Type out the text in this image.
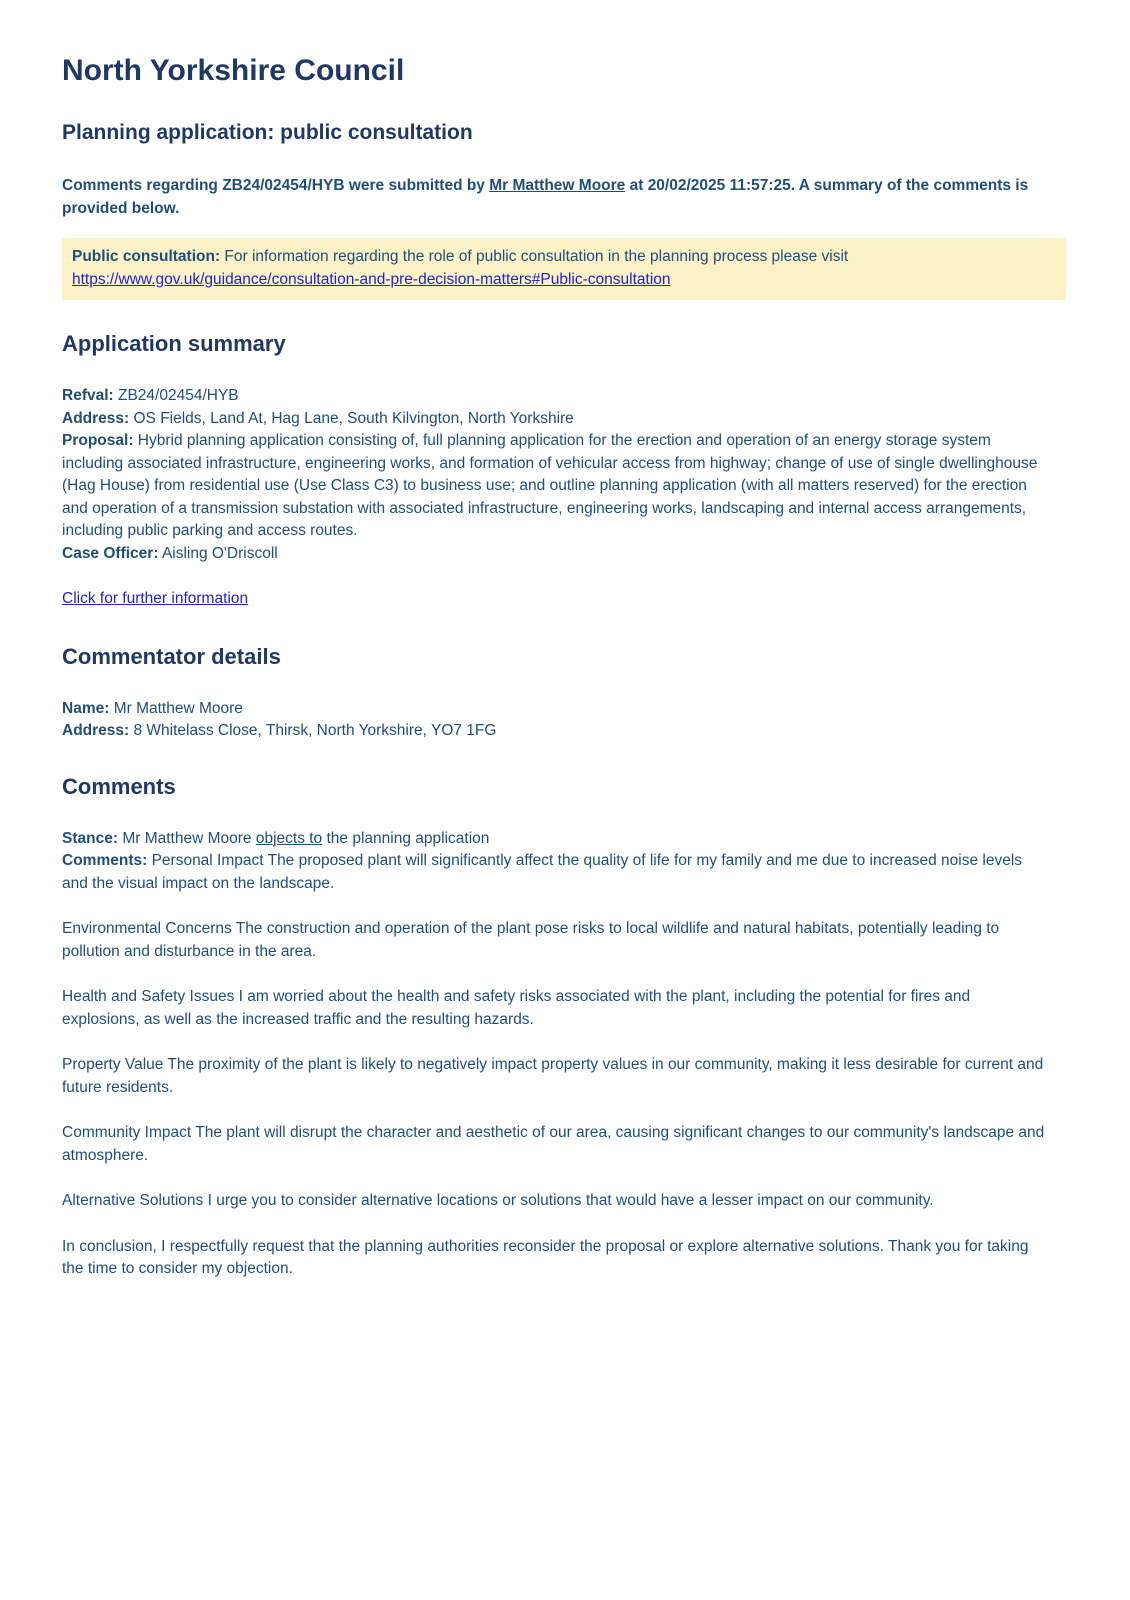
North Yorkshire Council
Planning application: public consultation

Comments regarding ZB24/02454/HYB were submitted by Mr Matthew Moore at 20/02/2025 11:57:25. A summary of the comments is provided below.

Public consultation: For information regarding the role of public consultation in the planning process please visit https://www.gov.uk/guidance/consultation-and-pre-decision-matters#Public-consultation
Application summary
Refval: ZB24/02454/HYB
Address: OS Fields, Land At, Hag Lane, South Kilvington, North Yorkshire
Proposal: Hybrid planning application consisting of, full planning application for the erection and operation of an energy storage system including associated infrastructure, engineering works, and formation of vehicular access from highway; change of use of single dwellinghouse (Hag House) from residential use (Use Class C3) to business use; and outline planning application (with all matters reserved) for the erection and operation of a transmission substation with associated infrastructure, engineering works, landscaping and internal access arrangements, including public parking and access routes.
Case Officer: Aisling O'Driscoll
Click for further information
Commentator details
Name: Mr Matthew Moore
Address: 8 Whitelass Close, Thirsk, North Yorkshire, YO7 1FG
Comments
Stance: Mr Matthew Moore objects to the planning application
Comments: Personal Impact The proposed plant will significantly affect the quality of life for my family and me due to increased noise levels and the visual impact on the landscape.

Environmental Concerns The construction and operation of the plant pose risks to local wildlife and natural habitats, potentially leading to pollution and disturbance in the area.

Health and Safety Issues I am worried about the health and safety risks associated with the plant, including the potential for fires and explosions, as well as the increased traffic and the resulting hazards.

Property Value The proximity of the plant is likely to negatively impact property values in our community, making it less desirable for current and future residents.

Community Impact The plant will disrupt the character and aesthetic of our area, causing significant changes to our community's landscape and atmosphere.

Alternative Solutions I urge you to consider alternative locations or solutions that would have a lesser impact on our community.

In conclusion, I respectfully request that the planning authorities reconsider the proposal or explore alternative solutions. Thank you for taking the time to consider my objection.
